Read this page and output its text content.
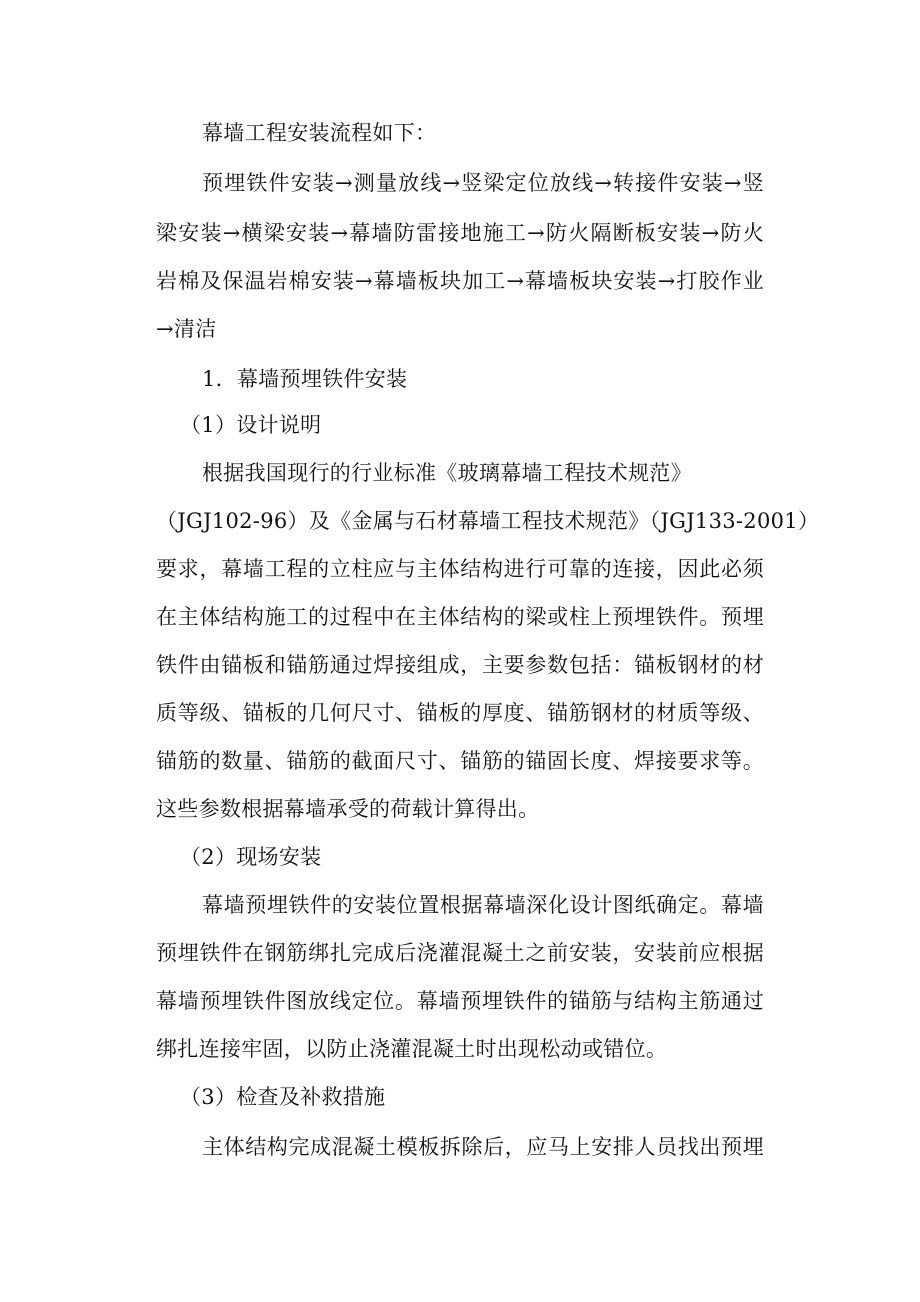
幕墙工程安装流程如下：
预埋铁件安装→测量放线→竖梁定位放线→转接件安装→竖
梁安装→横梁安装→幕墙防雷接地施工→防火隔断板安装→防火
岩棉及保温岩棉安装→幕墙板块加工→幕墙板块安装→打胶作业
→清洁
1．幕墙预埋铁件安装
（1）设计说明
根据我国现行的行业标准《玻璃幕墙工程技术规范》
（JGJ102-96）及《金属与石材幕墙工程技术规范》（JGJ133-2001）
要求，幕墙工程的立柱应与主体结构进行可靠的连接，因此必须
在主体结构施工的过程中在主体结构的梁或柱上预埋铁件。预埋
铁件由锚板和锚筋通过焊接组成，主要参数包括：锚板钢材的材
质等级、锚板的几何尺寸、锚板的厚度、锚筋钢材的材质等级、
锚筋的数量、锚筋的截面尺寸、锚筋的锚固长度、焊接要求等。
这些参数根据幕墙承受的荷载计算得出。
（2）现场安装
幕墙预埋铁件的安装位置根据幕墙深化设计图纸确定。幕墙
预埋铁件在钢筋绑扎完成后浇灌混凝土之前安装，安装前应根据
幕墙预埋铁件图放线定位。幕墙预埋铁件的锚筋与结构主筋通过
绑扎连接牢固，以防止浇灌混凝土时出现松动或错位。
（3）检查及补救措施
主体结构完成混凝土模板拆除后，应马上安排人员找出预埋
